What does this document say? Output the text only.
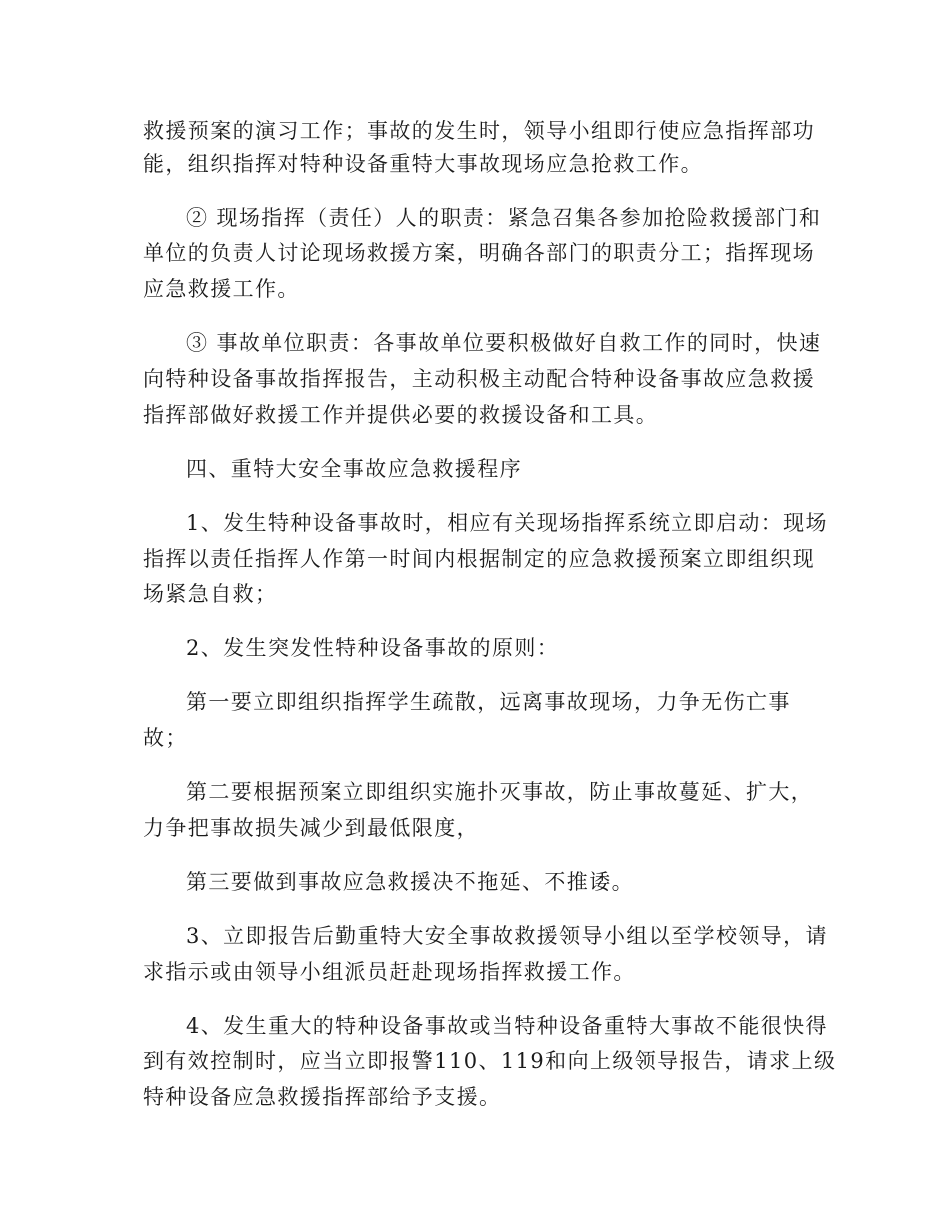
救援预案的演习工作；事故的发生时，领导小组即行使应急指挥部功
能，组织指挥对特种设备重特大事故现场应急抢救工作。
② 现场指挥（责任）人的职责：紧急召集各参加抢险救援部门和
单位的负责人讨论现场救援方案，明确各部门的职责分工；指挥现场
应急救援工作。
③ 事故单位职责：各事故单位要积极做好自救工作的同时，快速
向特种设备事故指挥报告，主动积极主动配合特种设备事故应急救援
指挥部做好救援工作并提供必要的救援设备和工具。
四、重特大安全事故应急救援程序
1、发生特种设备事故时，相应有关现场指挥系统立即启动：现场
指挥以责任指挥人作第一时间内根据制定的应急救援预案立即组织现
场紧急自救；
2、发生突发性特种设备事故的原则：
第一要立即组织指挥学生疏散，远离事故现场，力争无伤亡事
故；
第二要根据预案立即组织实施扑灭事故，防止事故蔓延、扩大，
力争把事故损失减少到最低限度，
第三要做到事故应急救援决不拖延、不推诿。
3、立即报告后勤重特大安全事故救援领导小组以至学校领导，请
求指示或由领导小组派员赶赴现场指挥救援工作。
4、发生重大的特种设备事故或当特种设备重特大事故不能很快得
到有效控制时，应当立即报警110、119和向上级领导报告，请求上级
特种设备应急救援指挥部给予支援。
